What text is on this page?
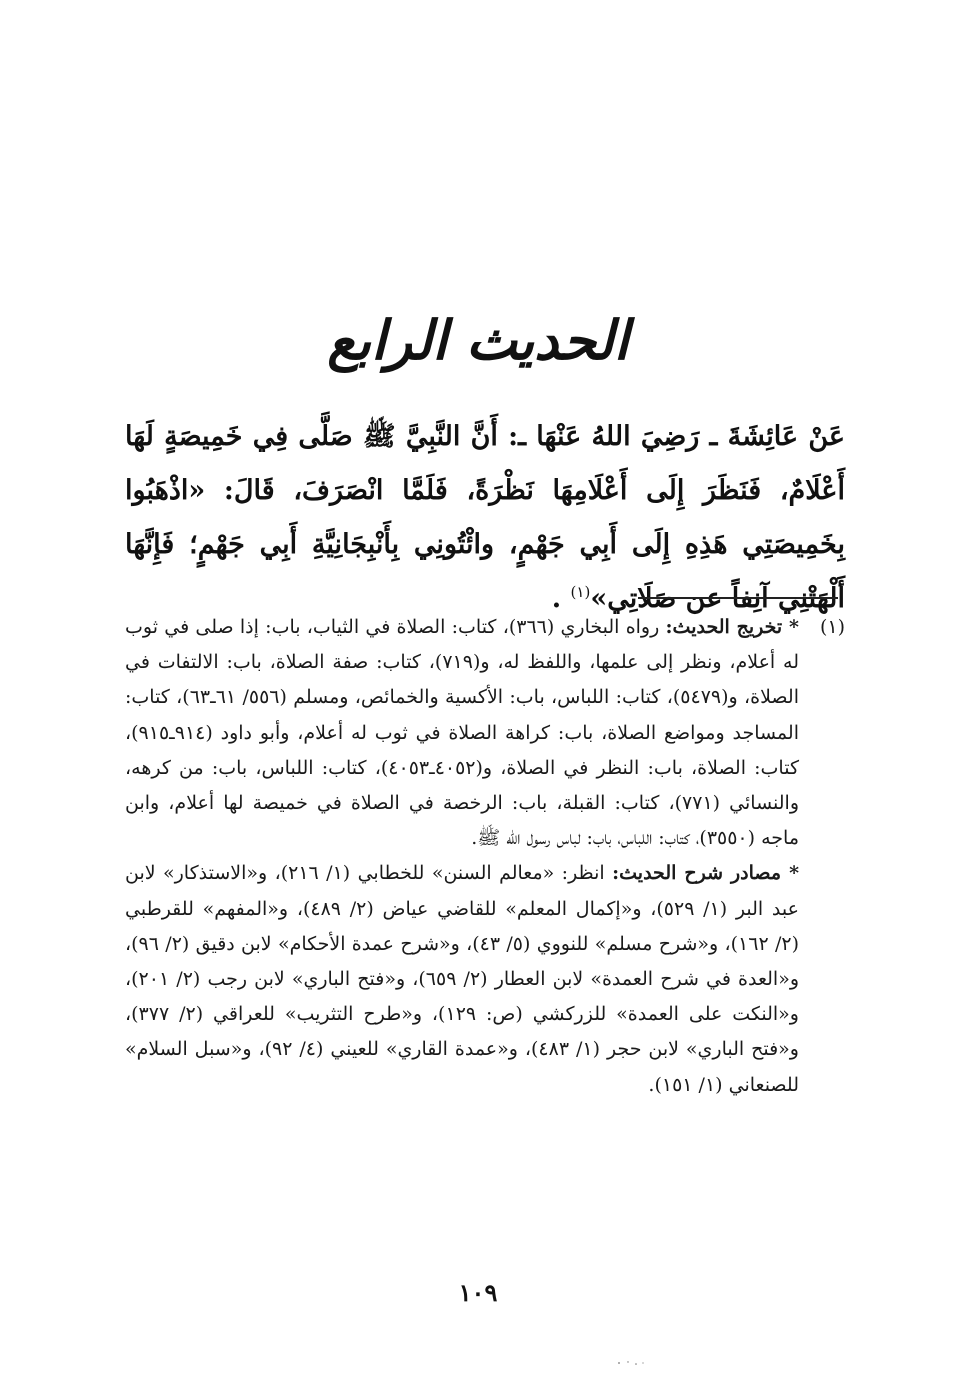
الحديث الرابع
عَنْ عَائِشَةَ ـ رَضِيَ اللهُ عَنْهَا ـ: أَنَّ النَّبِيَّ ﷺ صَلَّى فِي خَمِيصَةٍ لَهَا أَعْلَامٌ، فَنَظَرَ إِلَى أَعْلَامِهَا نَظْرَةً، فَلَمَّا انْصَرَفَ، قَالَ: «اذْهَبُوا بِخَمِيصَتِي هَذِهِ إِلَى أَبِي جَهْمٍ، وائْتُونِي بِأَنْبِجَانِيَّةِ أَبِي جَهْمٍ؛ فَإِنَّهَا أَلْهَتْنِي آنِفاً عن صَلَاتِي»$^{(١)}$ .
(١)

* تخريج الحديث: رواه البخاري (٣٦٦)، كتاب: الصلاة في الثياب، باب: إذا صلى في ثوب له أعلام، ونظر إلى علمها، واللفظ له، و(٧١٩)، كتاب: صفة الصلاة، باب: الالتفات في الصلاة، و(٥٤٧٩)، كتاب: اللباس، باب: الأكسية والخمائص، ومسلم (٥٥٦/ ٦١ـ٦٣)، كتاب: المساجد ومواضع الصلاة، باب: كراهة الصلاة في ثوب له أعلام، وأبو داود (٩١٤ـ٩١٥)، كتاب: الصلاة، باب: النظر في الصلاة، و(٤٠٥٢ـ٤٠٥٣)، كتاب: اللباس، باب: من كرهه، والنسائي (٧٧١)، كتاب: القبلة، باب: الرخصة في الصلاة في خميصة لها أعلام، وابن ماجه (٣٥٥٠)، كتاب: اللباس، باب: لباس رسول الله ﷺ.

* مصادر شرح الحديث: انظر: «معالم السنن» للخطابي (١/ ٢١٦)، و«الاستذكار» لابن عبد البر (١/ ٥٢٩)، و«إكمال المعلم» للقاضي عياض (٢/ ٤٨٩)، و«المفهم» للقرطبي (٢/ ١٦٢)، و«شرح مسلم» للنووي (٥/ ٤٣)، و«شرح عمدة الأحكام» لابن دقيق (٢/ ٩٦)، و«العدة في شرح العمدة» لابن العطار (٢/ ٦٥٩)، و«فتح الباري» لابن رجب (٢/ ٢٠١)، و«النكت على العمدة» للزركشي (ص: ١٢٩)، و«طرح التثريب» للعراقي (٢/ ٣٧٧)، و«فتح الباري» لابن حجر (١/ ٤٨٣)، و«عمدة القاري» للعيني (٤/ ٩٢)، و«سبل السلام» للصنعاني (١/ ١٥١).

١٠٩
